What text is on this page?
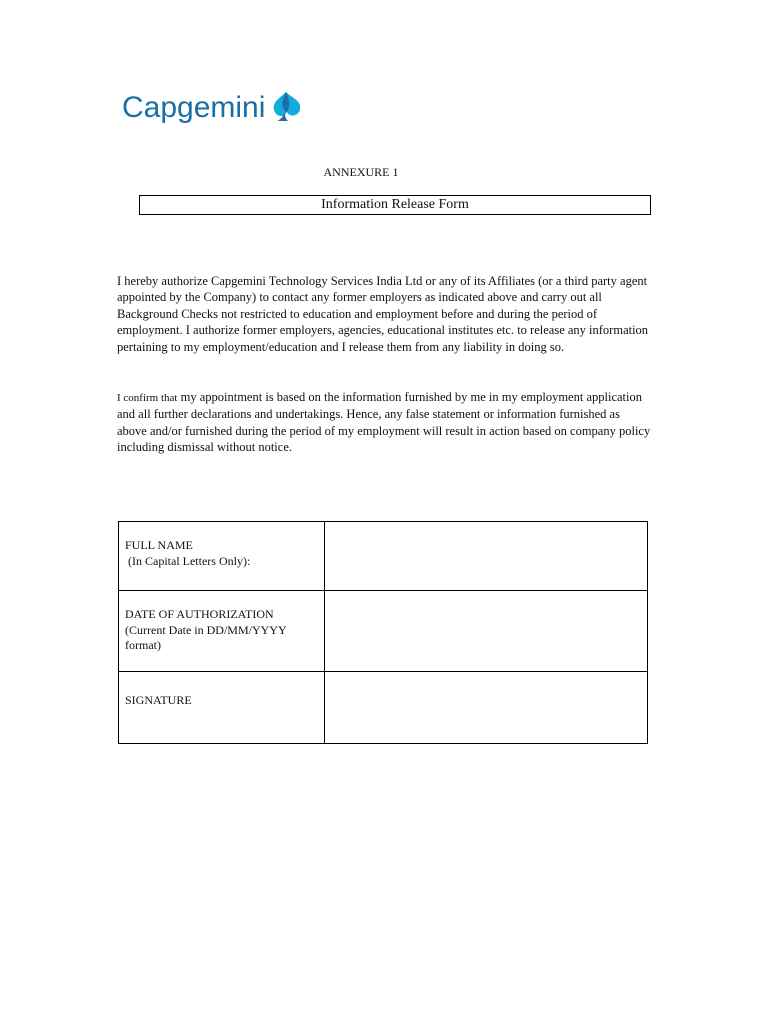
Capgemini
ANNEXURE 1
Information Release Form

I hereby authorize Capgemini Technology Services India Ltd or any of its Affiliates (or a third party agent appointed by the Company) to contact any former employers as indicated above and carry out all Background Checks not restricted to education and employment before and during the period of employment. I authorize former employers, agencies, educational institutes etc. to release any information pertaining to my employment/education and I release them from any liability in doing so.

I confirm that my appointment is based on the information furnished by me in my employment application and all further declarations and undertakings. Hence, any false statement or information furnished as above and/or furnished during the period of my employment will result in action based on company policy including dismissal without notice.

FULL NAME
(In Capital Letters Only):	

DATE OF AUTHORIZATION
(Current Date in DD/MM/YYYY format)	

SIGNATURE	
